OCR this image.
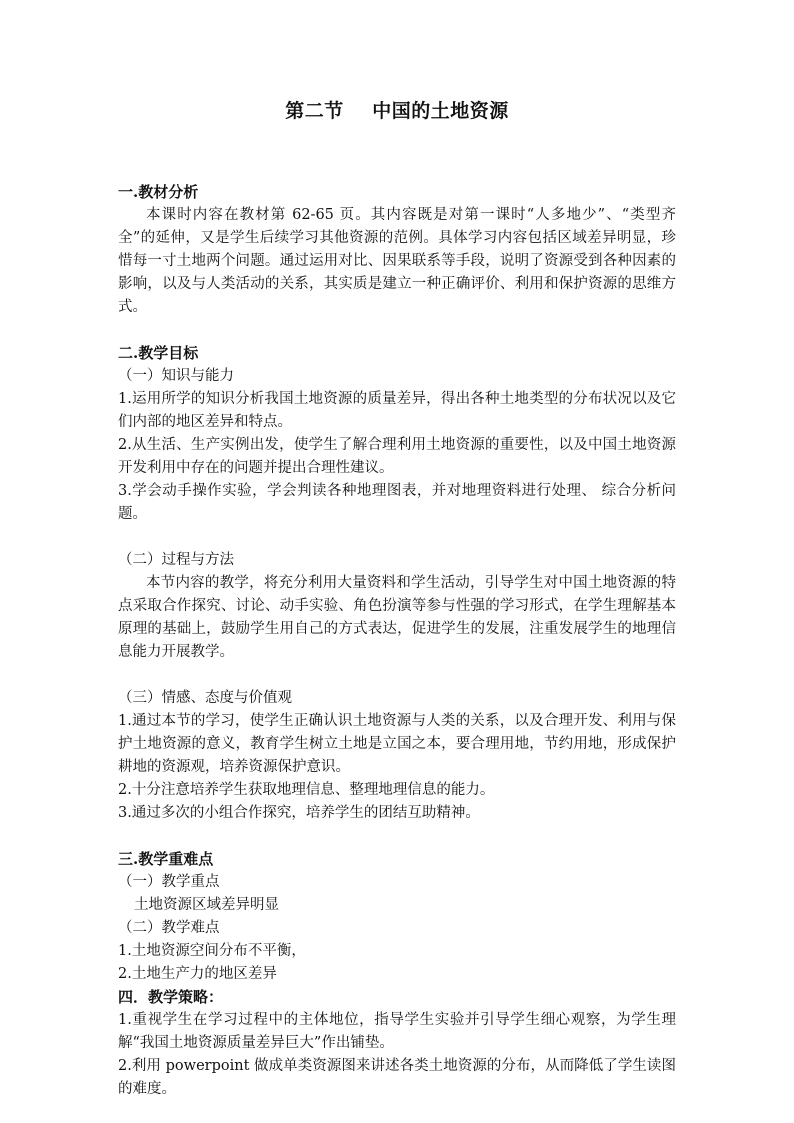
第二节    中国的土地资源
一.教材分析

本课时内容在教材第 62-65 页。其内容既是对第一课时“人多地少”、“类型齐全”的延伸，又是学生后续学习其他资源的范例。具体学习内容包括区域差异明显，珍惜每一寸土地两个问题。通过运用对比、因果联系等手段，说明了资源受到各种因素的影响，以及与人类活动的关系，其实质是建立一种正确评价、利用和保护资源的思维方式。

二.教学目标
（一）知识与能力

1.运用所学的知识分析我国土地资源的质量差异，得出各种土地类型的分布状况以及它们内部的地区差异和特点。

2.从生活、生产实例出发，使学生了解合理利用土地资源的重要性，以及中国土地资源开发利用中存在的问题并提出合理性建议。

3.学会动手操作实验，学会判读各种地理图表，并对地理资料进行处理、 综合分析问题。

（二）过程与方法

本节内容的教学，将充分利用大量资料和学生活动，引导学生对中国土地资源的特点采取合作探究、讨论、动手实验、角色扮演等参与性强的学习形式，在学生理解基本原理的基础上，鼓励学生用自己的方式表达，促进学生的发展，注重发展学生的地理信息能力开展教学。

（三）情感、态度与价值观

1.通过本节的学习，使学生正确认识土地资源与人类的关系，以及合理开发、利用与保护土地资源的意义，教育学生树立土地是立国之本，要合理用地，节约用地，形成保护耕地的资源观，培养资源保护意识。

2.十分注意培养学生获取地理信息、整理地理信息的能力。

3.通过多次的小组合作探究，培养学生的团结互助精神。

三.教学重难点
（一）教学重点

土地资源区域差异明显

（二）教学难点

1.土地资源空间分布不平衡，

2.土地生产力的地区差异

四．教学策略：

1.重视学生在学习过程中的主体地位，指导学生实验并引导学生细心观察，为学生理解“我国土地资源质量差异巨大”作出铺垫。

2.利用 powerpoint 做成单类资源图来讲述各类土地资源的分布，从而降低了学生读图的难度。
